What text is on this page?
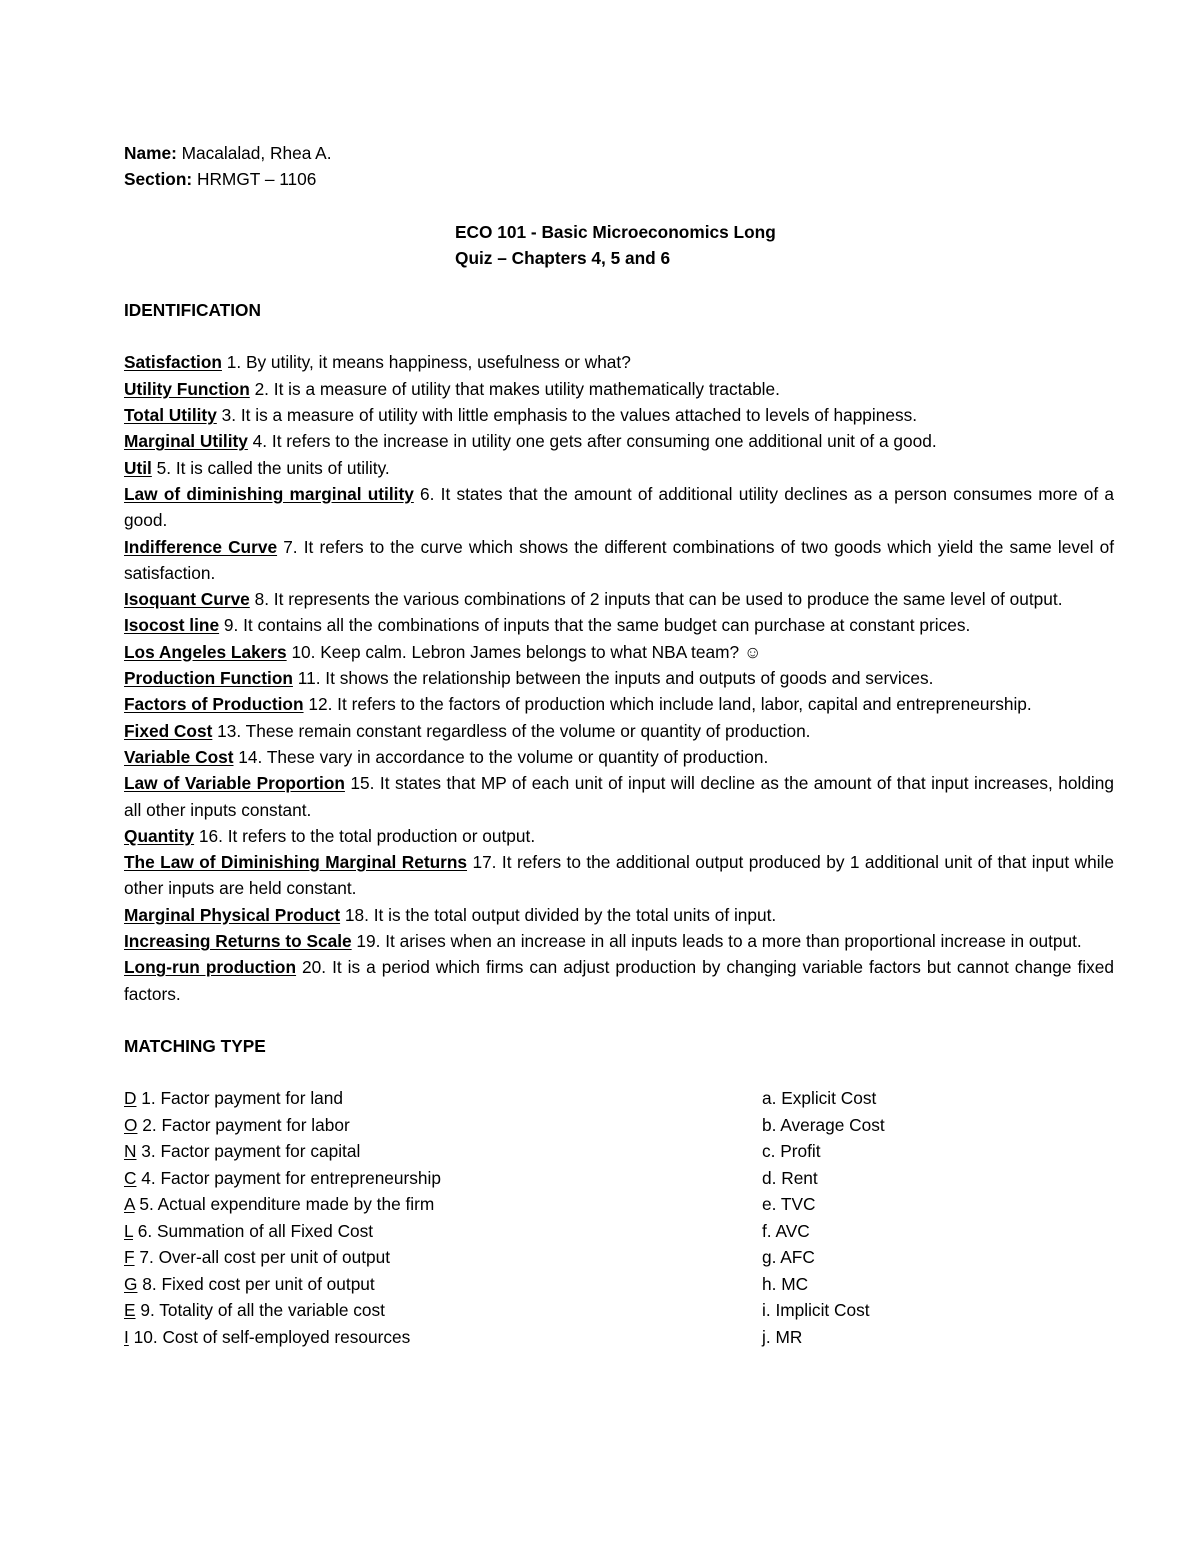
Name: Macalalad, Rhea A.
Section: HRMGT – 1106
ECO 101 - Basic Microeconomics Long
Quiz – Chapters 4, 5 and 6
IDENTIFICATION
Satisfaction 1. By utility, it means happiness, usefulness or what?
Utility Function 2. It is a measure of utility that makes utility mathematically tractable.
Total Utility 3. It is a measure of utility with little emphasis to the values attached to levels of happiness.
Marginal Utility 4. It refers to the increase in utility one gets after consuming one additional unit of a good.
Util 5. It is called the units of utility.
Law of diminishing marginal utility 6. It states that the amount of additional utility declines as a person consumes more of a good.
Indifference Curve 7. It refers to the curve which shows the different combinations of two goods which yield the same level of satisfaction.
Isoquant Curve 8. It represents the various combinations of 2 inputs that can be used to produce the same level of output.
Isocost line 9. It contains all the combinations of inputs that the same budget can purchase at constant prices.
Los Angeles Lakers 10. Keep calm. Lebron James belongs to what NBA team? ☺
Production Function 11. It shows the relationship between the inputs and outputs of goods and services.
Factors of Production 12. It refers to the factors of production which include land, labor, capital and entrepreneurship.
Fixed Cost 13. These remain constant regardless of the volume or quantity of production.
Variable Cost 14. These vary in accordance to the volume or quantity of production.
Law of Variable Proportion 15. It states that MP of each unit of input will decline as the amount of that input increases, holding all other inputs constant.
Quantity 16. It refers to the total production or output.
The Law of Diminishing Marginal Returns 17. It refers to the additional output produced by 1 additional unit of that input while other inputs are held constant.
Marginal Physical Product 18. It is the total output divided by the total units of input.
Increasing Returns to Scale 19. It arises when an increase in all inputs leads to a more than proportional increase in output.
Long-run production 20. It is a period which firms can adjust production by changing variable factors but cannot change fixed factors.
MATCHING TYPE
D 1. Factor payment for land	a. Explicit Cost
O 2. Factor payment for labor	b. Average Cost
N 3. Factor payment for capital	c. Profit
C 4. Factor payment for entrepreneurship	d. Rent
A 5. Actual expenditure made by the firm	e. TVC
L 6. Summation of all Fixed Cost	f. AVC
F 7. Over-all cost per unit of output	g. AFC
G 8. Fixed cost per unit of output	h. MC
E 9. Totality of all the variable cost	i. Implicit Cost
I 10. Cost of self-employed resources	j. MR
